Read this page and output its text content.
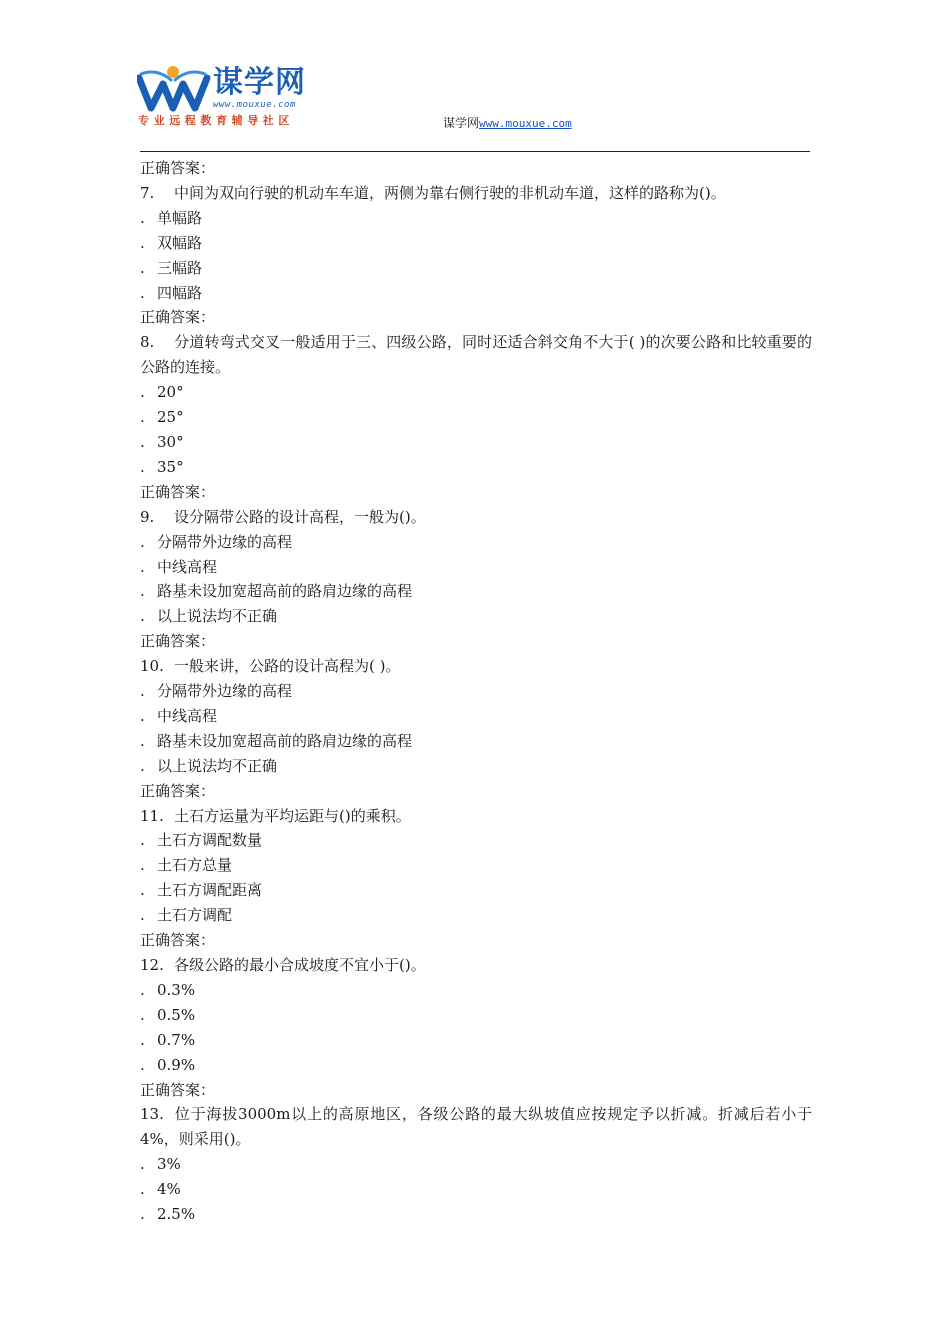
谋学网
www.mouxue.com
专业远程教育辅导社区	谋学网www.mouxue.com
正确答案：
7. 中间为双向行驶的机动车车道，两侧为靠右侧行驶的非机动车道，这样的路称为()。
. 单幅路
. 双幅路
. 三幅路
. 四幅路
正确答案：
8. 分道转弯式交叉一般适用于三、四级公路，同时还适合斜交角不大于( )的次要公路和比较重要的公路的连接。
. 20°
. 25°
. 30°
. 35°
正确答案：
9. 设分隔带公路的设计高程，一般为()。
. 分隔带外边缘的高程
. 中线高程
. 路基未设加宽超高前的路肩边缘的高程
. 以上说法均不正确
正确答案：
10. 一般来讲，公路的设计高程为( )。
. 分隔带外边缘的高程
. 中线高程
. 路基未设加宽超高前的路肩边缘的高程
. 以上说法均不正确
正确答案：
11. 土石方运量为平均运距与()的乘积。
. 土石方调配数量
. 土石方总量
. 土石方调配距离
. 土石方调配
正确答案：
12. 各级公路的最小合成坡度不宜小于()。
. 0.3%
. 0.5%
. 0.7%
. 0.9%
正确答案：
13. 位于海拔3000m以上的高原地区，各级公路的最大纵坡值应按规定予以折减。折减后若小于4%，则采用()。
. 3%
. 4%
. 2.5%
